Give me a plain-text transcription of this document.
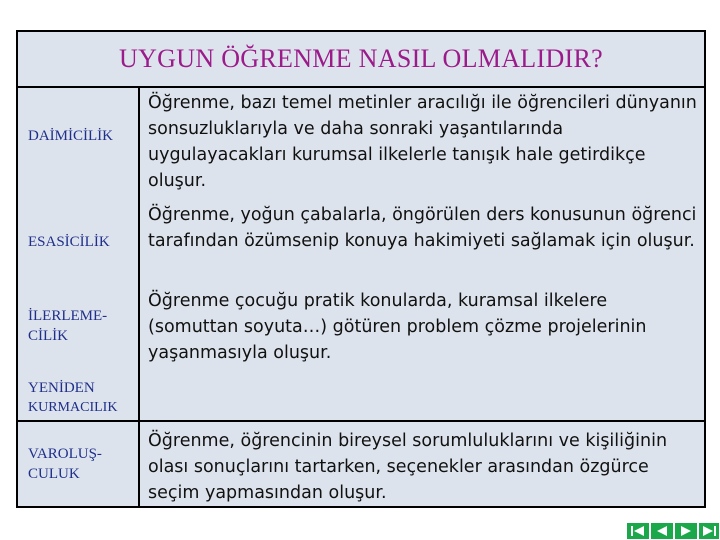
UYGUN ÖĞRENME NASIL OLMALIDIR?
DAİMİCİLİK
Öğrenme, bazı temel metinler aracılığı ile öğrencileri dünyanın sonsuzluklarıyla ve daha sonraki yaşantılarında uygulayacakları kurumsal ilkelerle tanışık hale getirdikçe oluşur.
ESASİCİLİK
Öğrenme, yoğun çabalarla, öngörülen ders konusunun öğrenci tarafından özümsenip konuya hakimiyeti sağlamak için oluşur.
İLERLEME-CİLİK
Öğrenme çocuğu pratik konularda, kuramsal ilkelere (somuttan soyuta…) götüren problem çözme projelerinin yaşanmasıyla oluşur.
YENİDEN
KURMACILIK
VAROLUŞ-CULUK
Öğrenme, öğrencinin bireysel sorumluluklarını ve kişiliğinin olası sonuçlarını tartarken, seçenekler arasından özgürce seçim yapmasından oluşur.
